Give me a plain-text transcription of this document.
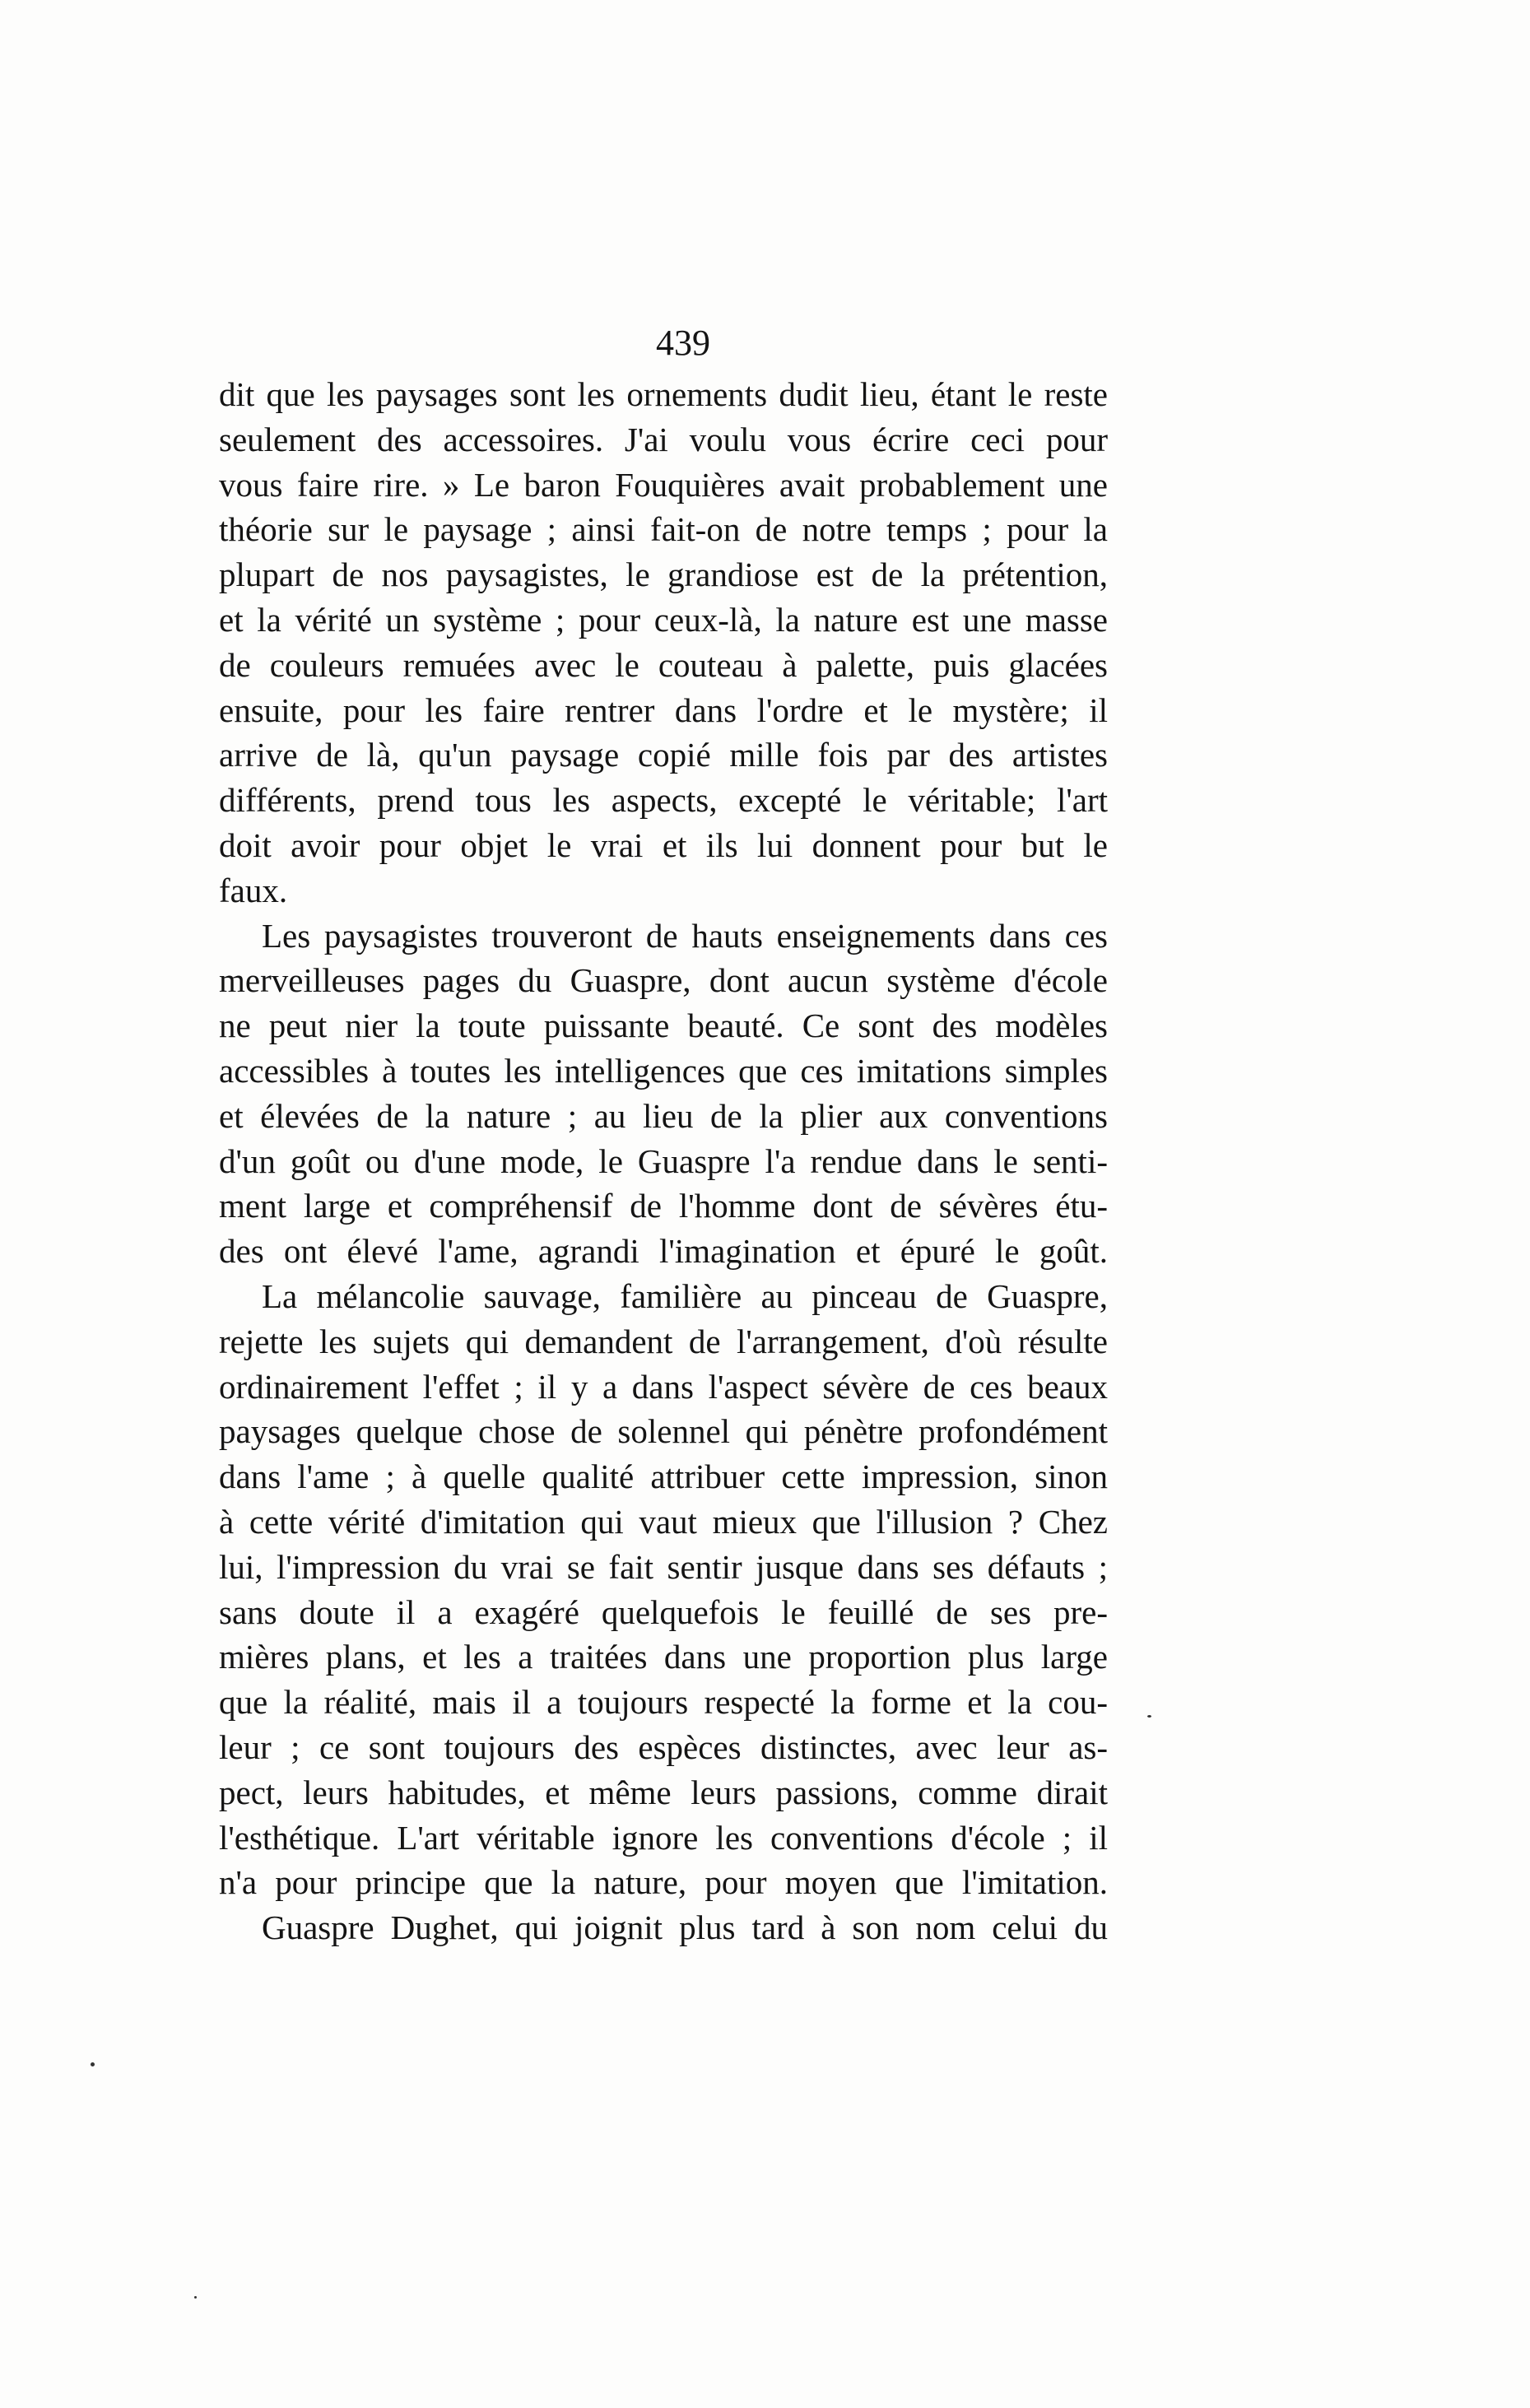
439
dit que les paysages sont les ornements dudit lieu, étant le reste
seulement des accessoires. J'ai voulu vous écrire ceci pour
vous faire rire. » Le baron Fouquières avait probablement une
théorie sur le paysage ; ainsi fait-on de notre temps ; pour la
plupart de nos paysagistes, le grandiose est de la prétention,
et la vérité un système ; pour ceux-là, la nature est une masse
de couleurs remuées avec le couteau à palette, puis glacées
ensuite, pour les faire rentrer dans l'ordre et le mystère; il
arrive de là, qu'un paysage copié mille fois par des artistes
différents, prend tous les aspects, excepté le véritable; l'art
doit avoir pour objet le vrai et ils lui donnent pour but le
faux.
Les paysagistes trouveront de hauts enseignements dans ces
merveilleuses pages du Guaspre, dont aucun système d'école
ne peut nier la toute puissante beauté. Ce sont des modèles
accessibles à toutes les intelligences que ces imitations simples
et élevées de la nature ; au lieu de la plier aux conventions
d'un goût ou d'une mode, le Guaspre l'a rendue dans le senti-
ment large et compréhensif de l'homme dont de sévères étu-
des ont élevé l'ame, agrandi l'imagination et épuré le goût.
La mélancolie sauvage, familière au pinceau de Guaspre,
rejette les sujets qui demandent de l'arrangement, d'où résulte
ordinairement l'effet ; il y a dans l'aspect sévère de ces beaux
paysages quelque chose de solennel qui pénètre profondément
dans l'ame ; à quelle qualité attribuer cette impression, sinon
à cette vérité d'imitation qui vaut mieux que l'illusion ? Chez
lui, l'impression du vrai se fait sentir jusque dans ses défauts ;
sans doute il a exagéré quelquefois le feuillé de ses pre-
mières plans, et les a traitées dans une proportion plus large
que la réalité, mais il a toujours respecté la forme et la cou-
leur ; ce sont toujours des espèces distinctes, avec leur as-
pect, leurs habitudes, et même leurs passions, comme dirait
l'esthétique. L'art véritable ignore les conventions d'école ; il
n'a pour principe que la nature, pour moyen que l'imitation.
Guaspre Dughet, qui joignit plus tard à son nom celui du
